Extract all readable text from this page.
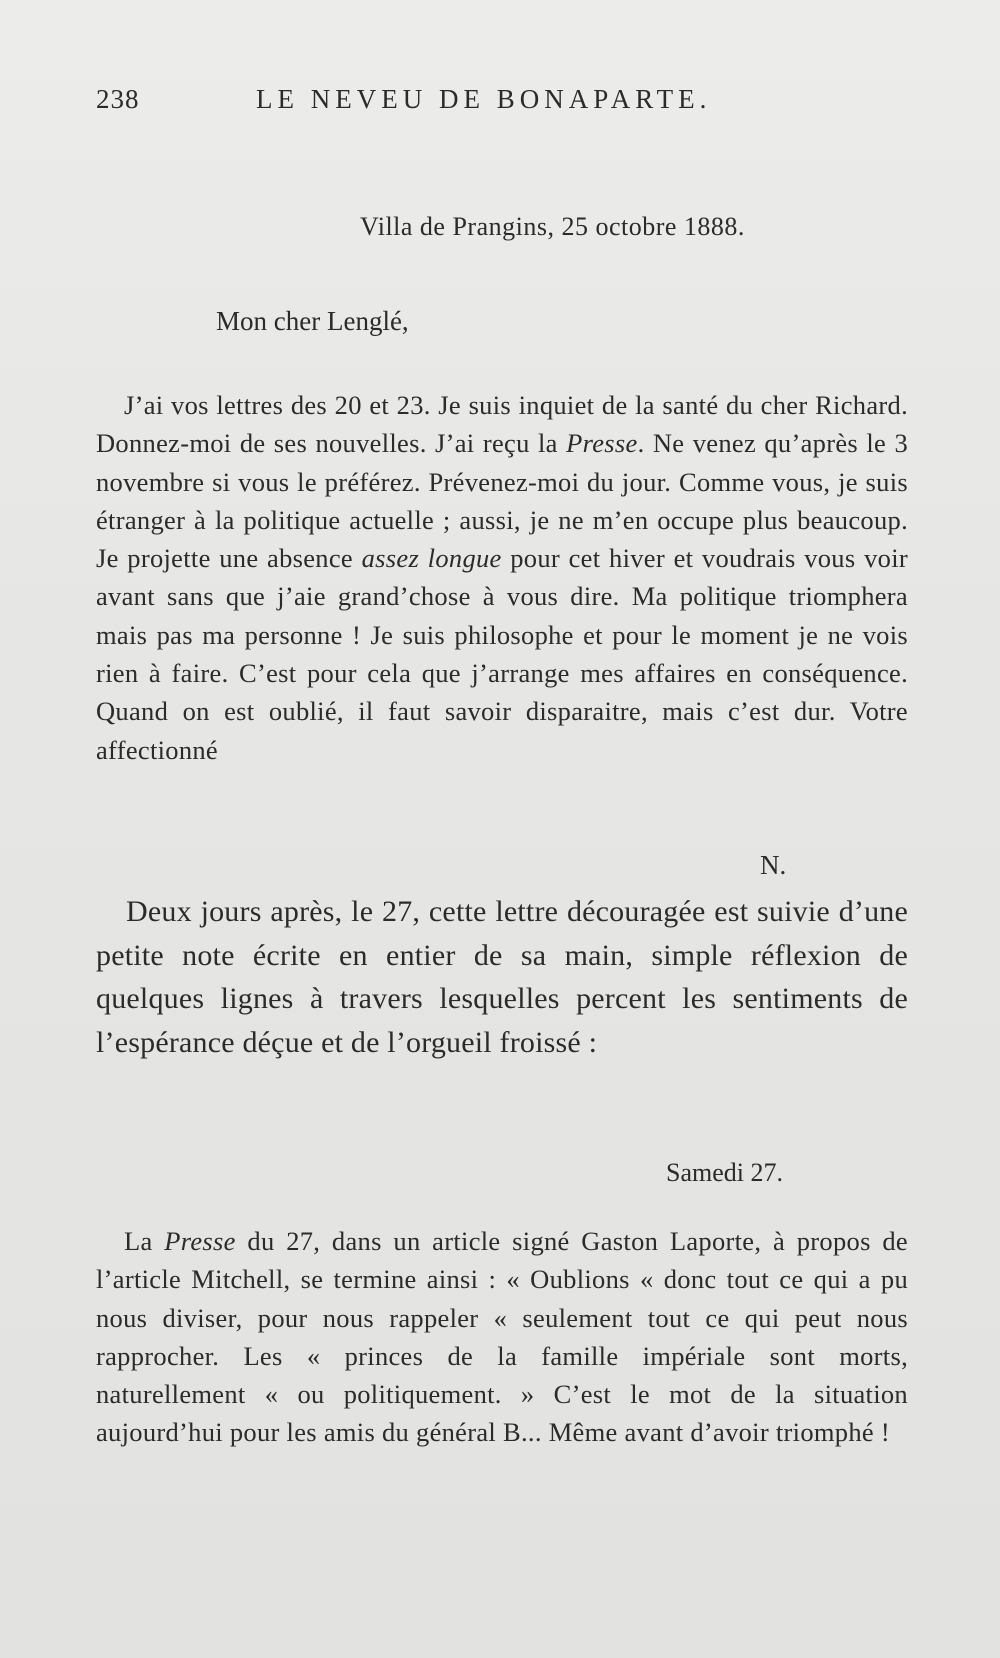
238	LE NEVEU DE BONAPARTE.
Villa de Prangins, 25 octobre 1888.
Mon cher Lenglé,

J’ai vos lettres des 20 et 23. Je suis inquiet de la santé du cher Richard. Donnez-moi de ses nouvelles. J’ai reçu la Presse. Ne venez qu’après le 3 novembre si vous le préférez. Prévenez-moi du jour. Comme vous, je suis étranger à la politique actuelle ; aussi, je ne m’en occupe plus beaucoup. Je projette une absence assez longue pour cet hiver et voudrais vous voir avant sans que j’aie grand’chose à vous dire. Ma politique triomphera mais pas ma personne ! Je suis philosophe et pour le moment je ne vois rien à faire. C’est pour cela que j’arrange mes affaires en conséquence. Quand on est oublié, il faut savoir disparaitre, mais c’est dur. Votre affectionné

N.

Deux jours après, le 27, cette lettre découragée est suivie d’une petite note écrite en entier de sa main, simple réflexion de quelques lignes à travers lesquelles percent les sentiments de l’espérance déçue et de l’orgueil froissé :

Samedi 27.

La Presse du 27, dans un article signé Gaston Laporte, à propos de l’article Mitchell, se termine ainsi : « Oublions « donc tout ce qui a pu nous diviser, pour nous rappeler « seulement tout ce qui peut nous rapprocher. Les « princes de la famille impériale sont morts, naturellement « ou politiquement. » C’est le mot de la situation aujourd’hui pour les amis du général B... Même avant d’avoir triomphé !
